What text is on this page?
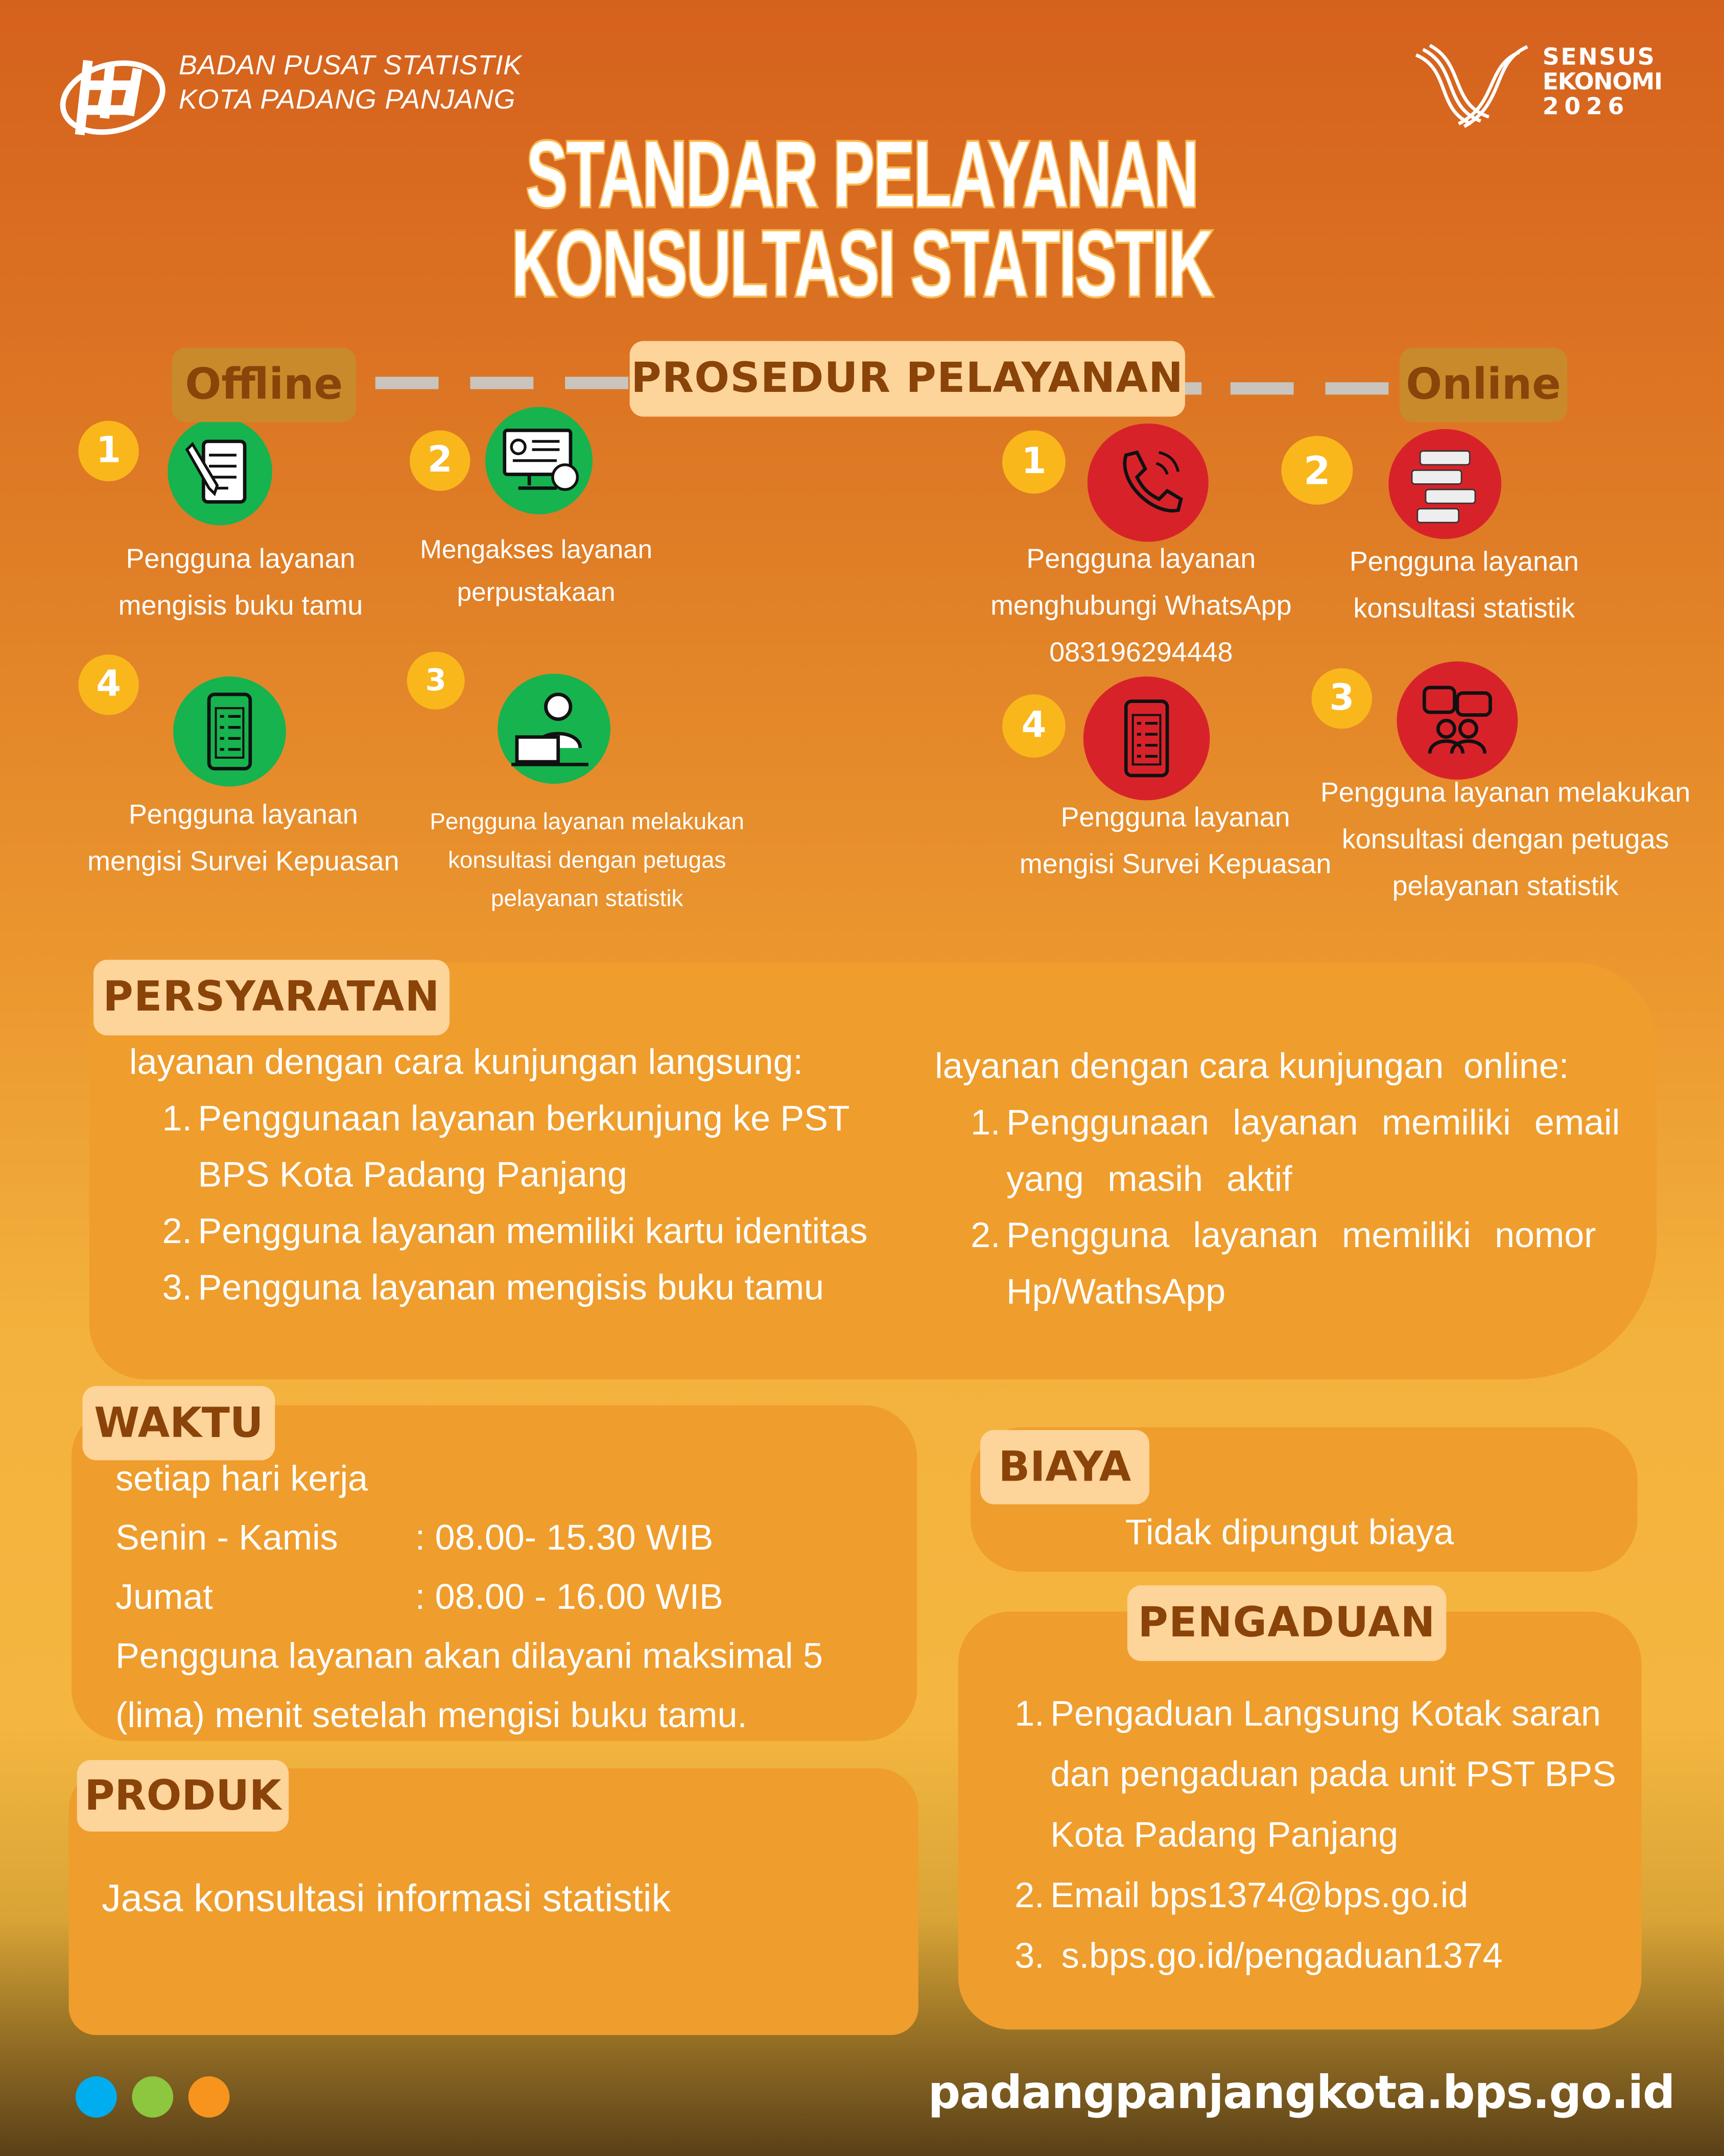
BADAN PUSAT STATISTIK
KOTA PADANG PANJANG
SENSUS
EKONOMI
2026
STANDAR PELAYANAN
KONSULTASI STATISTIK
Offline	PROSEDUR PELAYANAN	Online
1
Pengguna layanan mengisis buku tamu
2
Mengakses layanan perpustakaan
4
Pengguna layanan mengisi Survei Kepuasan
3
Pengguna layanan melakukan konsultasi dengan petugas pelayanan statistik
1
Pengguna layanan menghubungi WhatsApp 083196294448
2
Pengguna layanan konsultasi statistik
4
Pengguna layanan mengisi Survei Kepuasan
3
Pengguna layanan melakukan konsultasi dengan petugas pelayanan statistik
PERSYARATAN
layanan dengan cara kunjungan langsung:
1. Penggunaan layanan berkunjung ke PST BPS Kota Padang Panjang
2. Pengguna layanan memiliki kartu identitas
3. Pengguna layanan mengisis buku tamu
layanan dengan cara kunjungan  online:
1. Penggunaan layanan memiliki email yang masih aktif
2. Pengguna layanan memiliki nomor Hp/WathsApp
WAKTU
setiap hari kerja
Senin - Kamis	: 08.00- 15.30 WIB
Jumat	: 08.00 - 16.00 WIB
Pengguna layanan akan dilayani maksimal 5 (lima) menit setelah mengisi buku tamu.
BIAYA
Tidak dipungut biaya
PRODUK
Jasa konsultasi informasi statistik
PENGADUAN
1. Pengaduan Langsung Kotak saran dan pengaduan pada unit PST BPS Kota Padang Panjang
2. Email bps1374@bps.go.id
3.	s.bps.go.id/pengaduan1374
padangpanjangkota.bps.go.id
